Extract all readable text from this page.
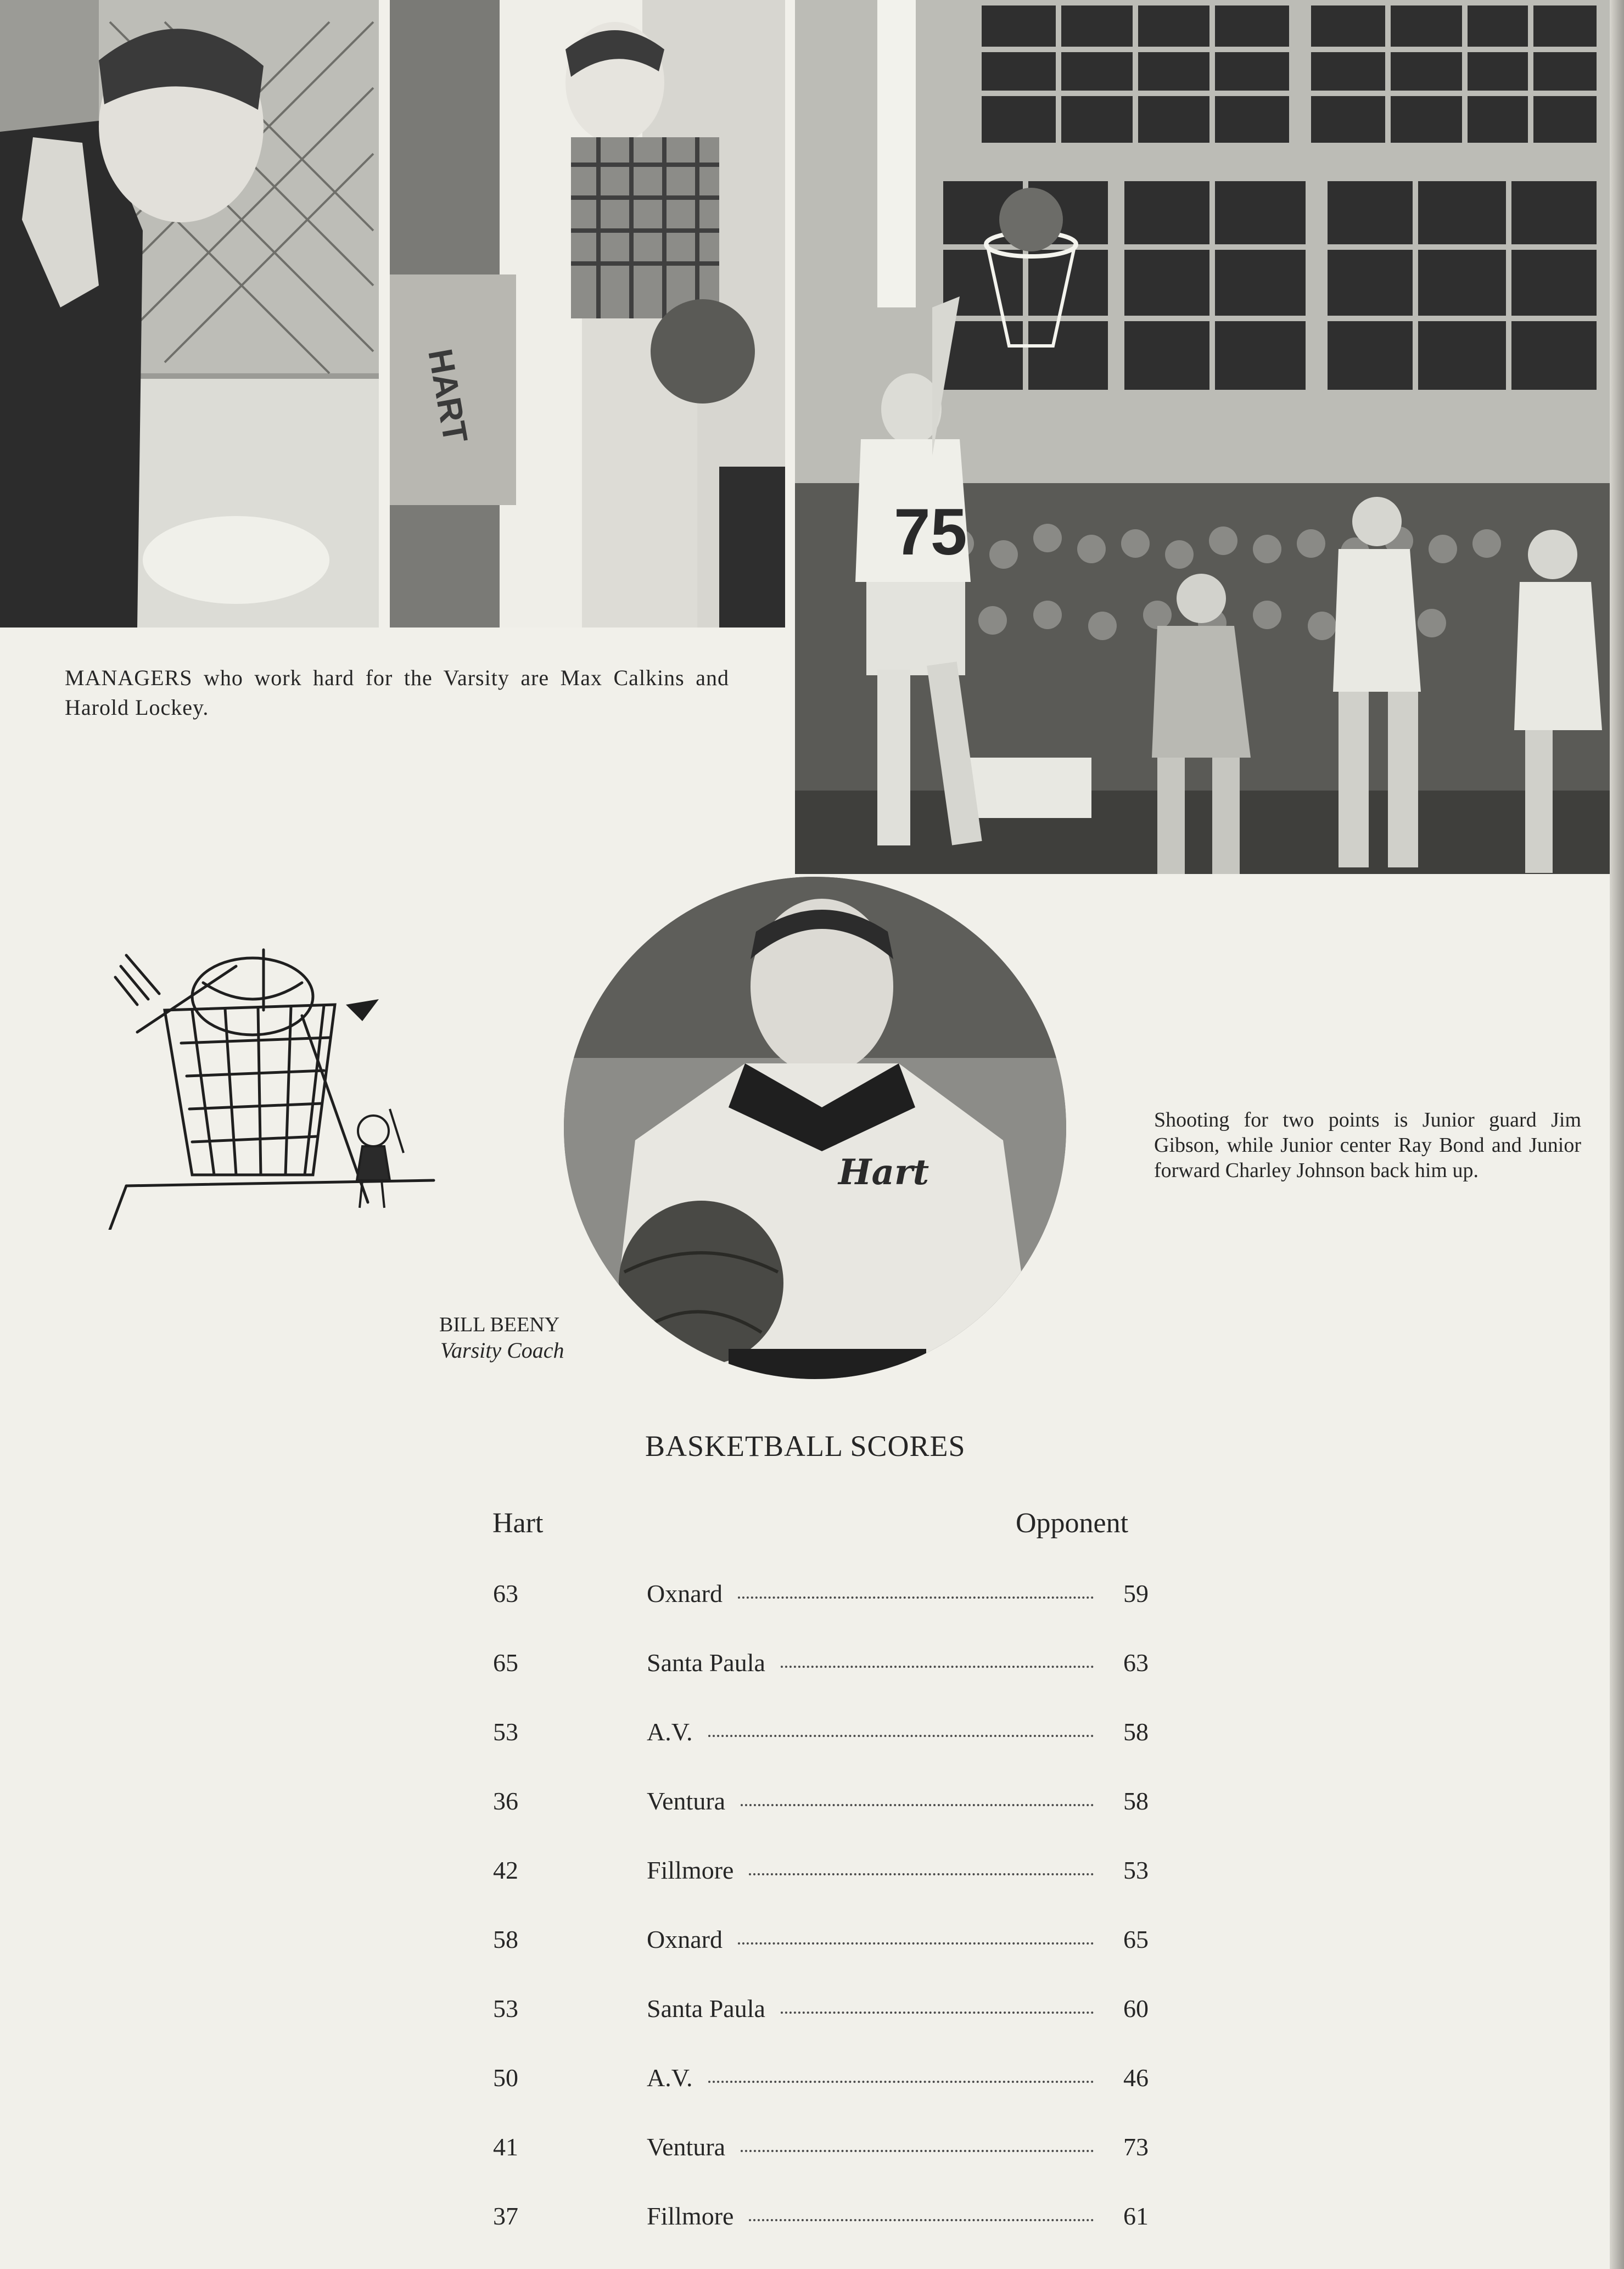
HART
75
MANAGERS who work hard for the Varsity are Max Calkins and Harold Lockey.
Hart
Shooting for two points is Junior guard Jim Gibson, while Junior center Ray Bond and Junior forward Charley Johnson back him up.
BILL BEENY
Varsity Coach
BASKETBALL SCORES
Hart	Opponent
63	Oxnard	59
65	Santa Paula	63
53	A.V.	58
36	Ventura	58
42	Fillmore	53
58	Oxnard	65
53	Santa Paula	60
50	A.V.	46
41	Ventura	73
37	Fillmore	61
